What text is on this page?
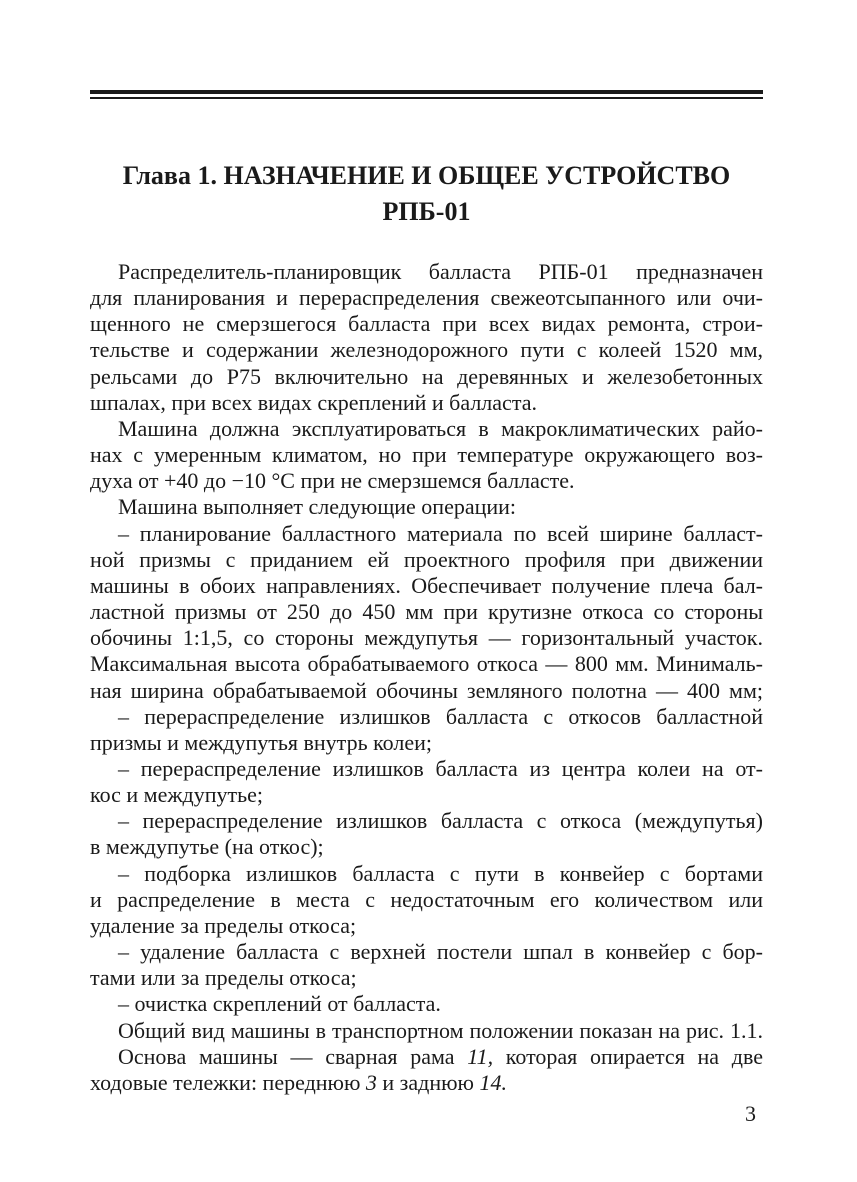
Глава 1. НАЗНАЧЕНИЕ И ОБЩЕЕ УСТРОЙСТВО
РПБ-01
Распределитель-планировщик балласта РПБ-01 предназначен
для планирования и перераспределения свежеотсыпанного или очи-
щенного не смерзшегося балласта при всех видах ремонта, строи-
тельстве и содержании железнодорожного пути с колеей 1520 мм,
рельсами до Р75 включительно на деревянных и железобетонных
шпалах, при всех видах скреплений и балласта.
Машина должна эксплуатироваться в макроклиматических райо-
нах с умеренным климатом, но при температуре окружающего воз-
духа от +40 до −10 °С при не смерзшемся балласте.
Машина выполняет следующие операции:
– планирование балластного материала по всей ширине балласт-
ной призмы с приданием ей проектного профиля при движении
машины в обоих направлениях. Обеспечивает получение плеча бал-
ластной призмы от 250 до 450 мм при крутизне откоса со стороны
обочины 1:1,5, со стороны междупутья — горизонтальный участок.
Максимальная высота обрабатываемого откоса — 800 мм. Минималь-
ная ширина обрабатываемой обочины земляного полотна — 400 мм;
– перераспределение излишков балласта с откосов балластной
призмы и междупутья внутрь колеи;
– перераспределение излишков балласта из центра колеи на от-
кос и междупутье;
– перераспределение излишков балласта с откоса (междупутья)
в междупутье (на откос);
– подборка излишков балласта с пути в конвейер с бортами
и распределение в места с недостаточным его количеством или
удаление за пределы откоса;
– удаление балласта с верхней постели шпал в конвейер с бор-
тами или за пределы откоса;
– очистка скреплений от балласта.
Общий вид машины в транспортном положении показан на рис. 1.1.
Основа машины — сварная рама 11, которая опирается на две
ходовые тележки: переднюю 3 и заднюю 14.
3
